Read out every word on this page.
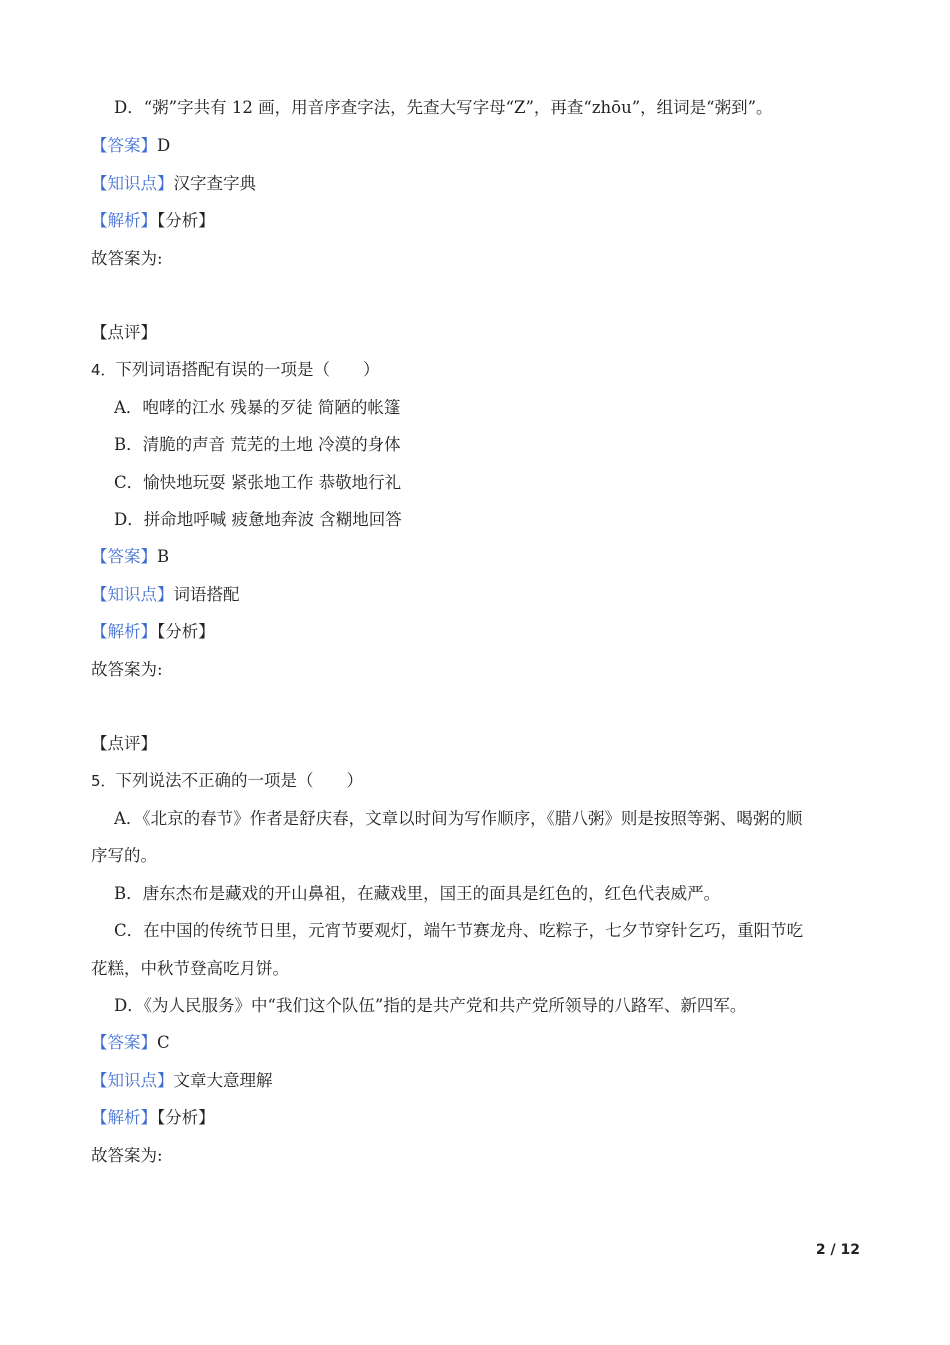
D．“粥”字共有 12 画，用音序查字法，先查大写字母“Z”，再查“zhōu”，组词是“粥到”。
【答案】D
【知识点】汉字查字典
【解析】【分析】
故答案为:
【点评】
4．下列词语搭配有误的一项是（　　）
A．咆哮的江水 残暴的歹徒 简陋的帐篷
B．清脆的声音 荒芜的土地 冷漠的身体
C．愉快地玩耍 紧张地工作 恭敬地行礼
D．拼命地呼喊 疲惫地奔波 含糊地回答
【答案】B
【知识点】词语搭配
【解析】【分析】
故答案为:
【点评】
5．下列说法不正确的一项是（　　）
A．《北京的春节》作者是舒庆春，文章以时间为写作顺序，《腊八粥》则是按照等粥、喝粥的顺
序写的。
B．唐东杰布是藏戏的开山鼻祖，在藏戏里，国王的面具是红色的，红色代表威严。
C．在中国的传统节日里，元宵节要观灯，端午节赛龙舟、吃粽子，七夕节穿针乞巧，重阳节吃
花糕，中秋节登高吃月饼。
D．《为人民服务》中“我们这个队伍”指的是共产党和共产党所领导的八路军、新四军。
【答案】C
【知识点】文章大意理解
【解析】【分析】
故答案为:
2 / 12
